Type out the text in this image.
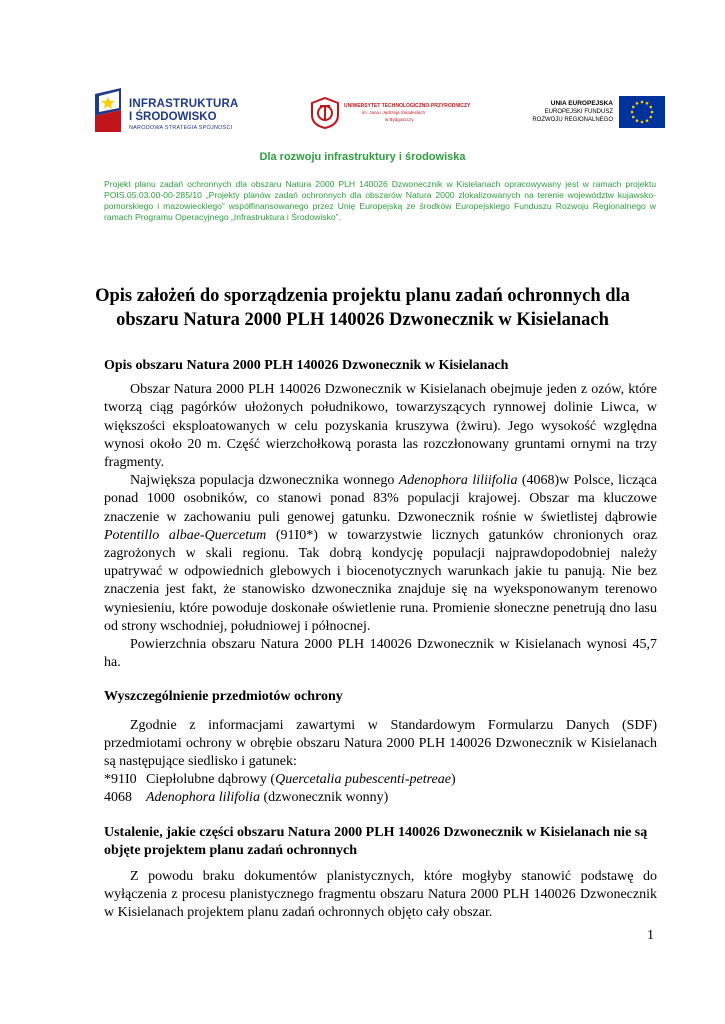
INFRASTRUKTURA
I ŚRODOWISKO
NARODOWA STRATEGIA SPÓJNOŚCI
UNIWERSYTET TECHNOLOGICZNO-PRZYRODNICZY
im. Jana i Jędrzeja Śniadeckich
w Bydgoszczy
UNIA EUROPEJSKA
EUROPEJSKI FUNDUSZ
ROZWOJU REGIONALNEGO
Dla rozwoju infrastruktury i środowiska
Projekt planu zadań ochronnych dla obszaru Natura 2000 PLH 140026 Dzwonecznik w Kisielanach opracowywany jest w ramach projektu POIS.05.03.00-00-285/10 „Projekty planów zadań ochronnych dla obszarów Natura 2000 zlokalizowanych na terenie województw kujawsko-pomorskiego i mazowieckiego” współfinansowanego przez Unię Europejską ze środków Europejskiego Funduszu Rozwoju Regionalnego w ramach Programu Operacyjnego „Infrastruktura i Środowisko”.
Opis założeń do sporządzenia projektu planu zadań ochronnych dla obszaru Natura 2000 PLH 140026 Dzwonecznik w Kisielanach
Opis obszaru Natura 2000 PLH 140026 Dzwonecznik w Kisielanach

Obszar Natura 2000 PLH 140026 Dzwonecznik w Kisielanach obejmuje jeden z ozów, które tworzą ciąg pagórków ułożonych południkowo, towarzyszących rynnowej dolinie Liwca, w większości eksploatowanych w celu pozyskania kruszywa (żwiru). Jego wysokość względna wynosi około 20 m. Część wierzchołkową porasta las rozczłonowany gruntami ornymi na trzy fragmenty.

Największa populacja dzwonecznika wonnego Adenophora liliifolia (4068)w Polsce, licząca ponad 1000 osobników, co stanowi ponad 83% populacji krajowej. Obszar ma kluczowe znaczenie w zachowaniu puli genowej gatunku. Dzwonecznik rośnie w świetlistej dąbrowie Potentillo albae-Quercetum (91I0*) w towarzystwie licznych gatunków chronionych oraz zagrożonych w skali regionu. Tak dobrą kondycję populacji najprawdopodobniej należy upatrywać w odpowiednich glebowych i biocenotycznych warunkach jakie tu panują. Nie bez znaczenia jest fakt, że stanowisko dzwonecznika znajduje się na wyeksponowanym terenowo wyniesieniu, które powoduje doskonałe oświetlenie runa. Promienie słoneczne penetrują dno lasu od strony wschodniej, południowej i północnej.

Powierzchnia obszaru Natura 2000 PLH 140026 Dzwonecznik w Kisielanach wynosi 45,7 ha.

Wyszczególnienie przedmiotów ochrony

Zgodnie z informacjami zawartymi w Standardowym Formularzu Danych (SDF) przedmiotami ochrony w obrębie obszaru Natura 2000 PLH 140026 Dzwonecznik w Kisielanach są następujące siedlisko i gatunek:

*91I0 Ciepłolubne dąbrowy (Quercetalia pubescenti-petreae)
4068 Adenophora lilifolia (dzwonecznik wonny)
Ustalenie, jakie części obszaru Natura 2000 PLH 140026 Dzwonecznik w Kisielanach nie są objęte projektem planu zadań ochronnych

Z powodu braku dokumentów planistycznych, które mogłyby stanowić podstawę do wyłączenia z procesu planistycznego fragmentu obszaru Natura 2000 PLH 140026 Dzwonecznik w Kisielanach projektem planu zadań ochronnych objęto cały obszar.

1
